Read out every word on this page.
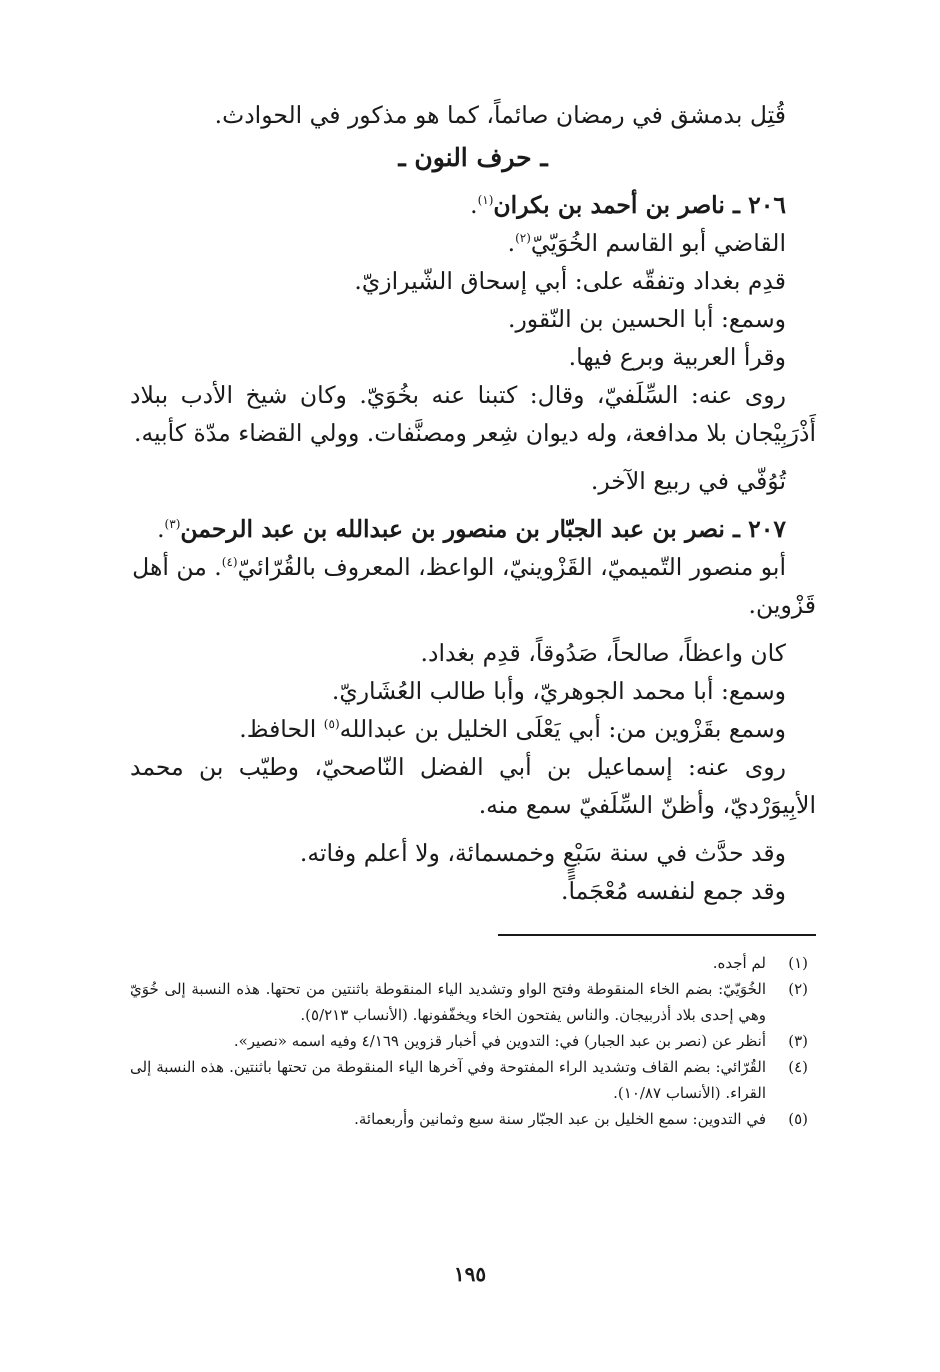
قُتِل بدمشق في رمضان صائماً، كما هو مذكور في الحوادث.
ـ حرف النون ـ
٢٠٦ ـ ناصر بن أحمد بن بكران$^{(١)}$.
القاضي أبو القاسم الخُوَيّيّ$^{(٢)}$.
قدِم بغداد وتفقّه على: أبي إسحاق الشّيرازيّ.
وسمع: أبا الحسين بن النّقور.
وقرأ العربية وبرع فيها.
روى عنه: السِّلَفيّ، وقال: كتبنا عنه بخُوَيّ. وكان شيخ الأدب ببلاد
أَذْرَبِيْجان بلا مدافعة، وله ديوان شِعر ومصنَّفات. وولي القضاء مدّة كأبيه.
تُوُفّي في ربيع الآخر.
٢٠٧ ـ نصر بن عبد الجبّار بن منصور بن عبدالله بن عبد الرحمن$^{(٣)}$.
أبو منصور التّميميّ، القَزْوينيّ، الواعظ، المعروف بالقُرّائيّ$^{(٤)}$. من أهل
قَزْوين.
كان واعظاً، صالحاً، صَدُوقاً، قدِم بغداد.
وسمع: أبا محمد الجوهريّ، وأبا طالب العُشَاريّ.
وسمع بقَزْوين من: أبي يَعْلَى الخليل بن عبدالله$^{(٥)}$ الحافظ.
روى عنه: إسماعيل بن أبي الفضل النّاصحيّ، وطيّب بن محمد
الأبِيوَرْديّ، وأظنّ السِّلَفيّ سمع منه.
وقد حدَّث في سنة سَبْعٍ وخمسمائة، ولا أعلم وفاته.
وقد جمع لنفسه مُعْجَماً.
(١)
لم أجده.
(٢)
الخُوَيّيّ: بضم الخاء المنقوطة وفتح الواو وتشديد الياء المنقوطة باثنتين من تحتها. هذه النسبة إلى خُوَيّ وهي إحدى بلاد أذربيجان. والناس يفتحون الخاء ويخفّفونها. (الأنساب ٥/٢١٣).
(٣)
أنظر عن (نصر بن عبد الجبار) في: التدوين في أخبار قزوين ٤/١٦٩ وفيه اسمه «نصير».
(٤)
القُرّائي: بضم القاف وتشديد الراء المفتوحة وفي آخرها الياء المنقوطة من تحتها باثنتين. هذه النسبة إلى القراء. (الأنساب ١٠/٨٧).
(٥)
في التدوين: سمع الخليل بن عبد الجبّار سنة سبع وثمانين وأربعمائة.
١٩٥
